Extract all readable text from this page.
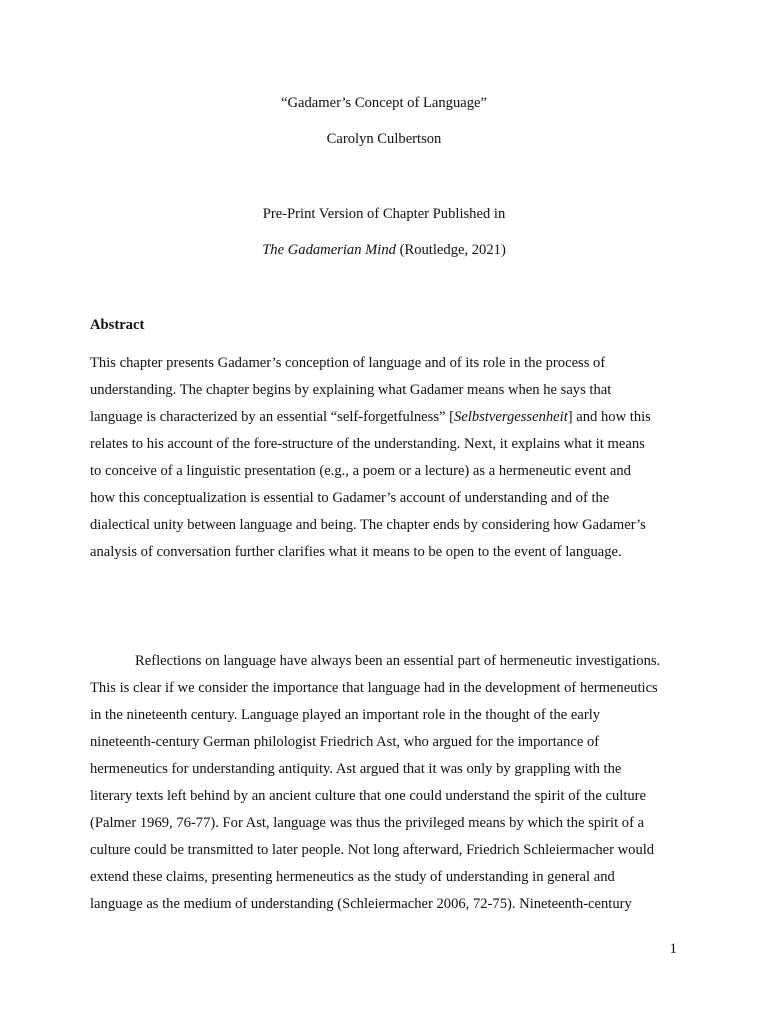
“Gadamer’s Concept of Language”
Carolyn Culbertson
Pre-Print Version of Chapter Published in
The Gadamerian Mind (Routledge, 2021)
Abstract
This chapter presents Gadamer’s conception of language and of its role in the process of
understanding. The chapter begins by explaining what Gadamer means when he says that
language is characterized by an essential “self-forgetfulness” [Selbstvergessenheit] and how this
relates to his account of the fore-structure of the understanding. Next, it explains what it means
to conceive of a linguistic presentation (e.g., a poem or a lecture) as a hermeneutic event and
how this conceptualization is essential to Gadamer’s account of understanding and of the
dialectical unity between language and being. The chapter ends by considering how Gadamer’s
analysis of conversation further clarifies what it means to be open to the event of language.
Reflections on language have always been an essential part of hermeneutic investigations.
This is clear if we consider the importance that language had in the development of hermeneutics
in the nineteenth century. Language played an important role in the thought of the early
nineteenth-century German philologist Friedrich Ast, who argued for the importance of
hermeneutics for understanding antiquity. Ast argued that it was only by grappling with the
literary texts left behind by an ancient culture that one could understand the spirit of the culture
(Palmer 1969, 76-77). For Ast, language was thus the privileged means by which the spirit of a
culture could be transmitted to later people. Not long afterward, Friedrich Schleiermacher would
extend these claims, presenting hermeneutics as the study of understanding in general and
language as the medium of understanding (Schleiermacher 2006, 72-75). Nineteenth-century
1
